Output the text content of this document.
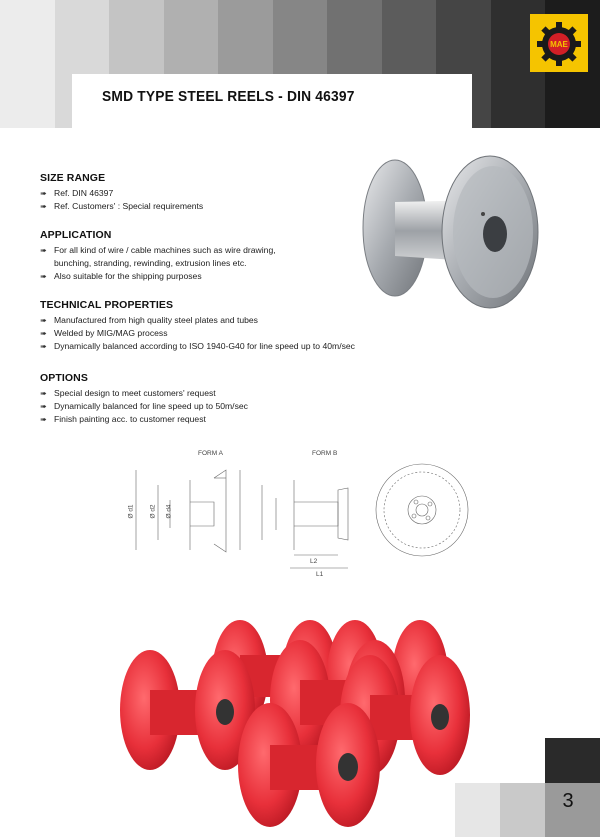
SMD TYPE STEEL REELS - DIN 46397
MAE
SIZE RANGE
➠ Ref. DIN 46397
➠ Ref. Customers' : Special requirements
APPLICATION
➠ For all kind of wire / cable machines such as wire drawing,
bunching, stranding, rewinding, extrusion lines etc.
➠ Also suitable for the shipping purposes
TECHNICAL PROPERTIES
➠ Manufactured from high quality steel plates and tubes
➠ Welded by MIG/MAG process
➠ Dynamically balanced according to ISO 1940-G40 for line speed up to 40m/sec
OPTIONS
➠ Special design to meet customers' request
➠ Dynamically balanced for line speed up to 50m/sec
➠ Finish painting acc. to customer request
FORM A	FORM B
Ø d1 Ø d2 Ø d4
L2
L1
3
